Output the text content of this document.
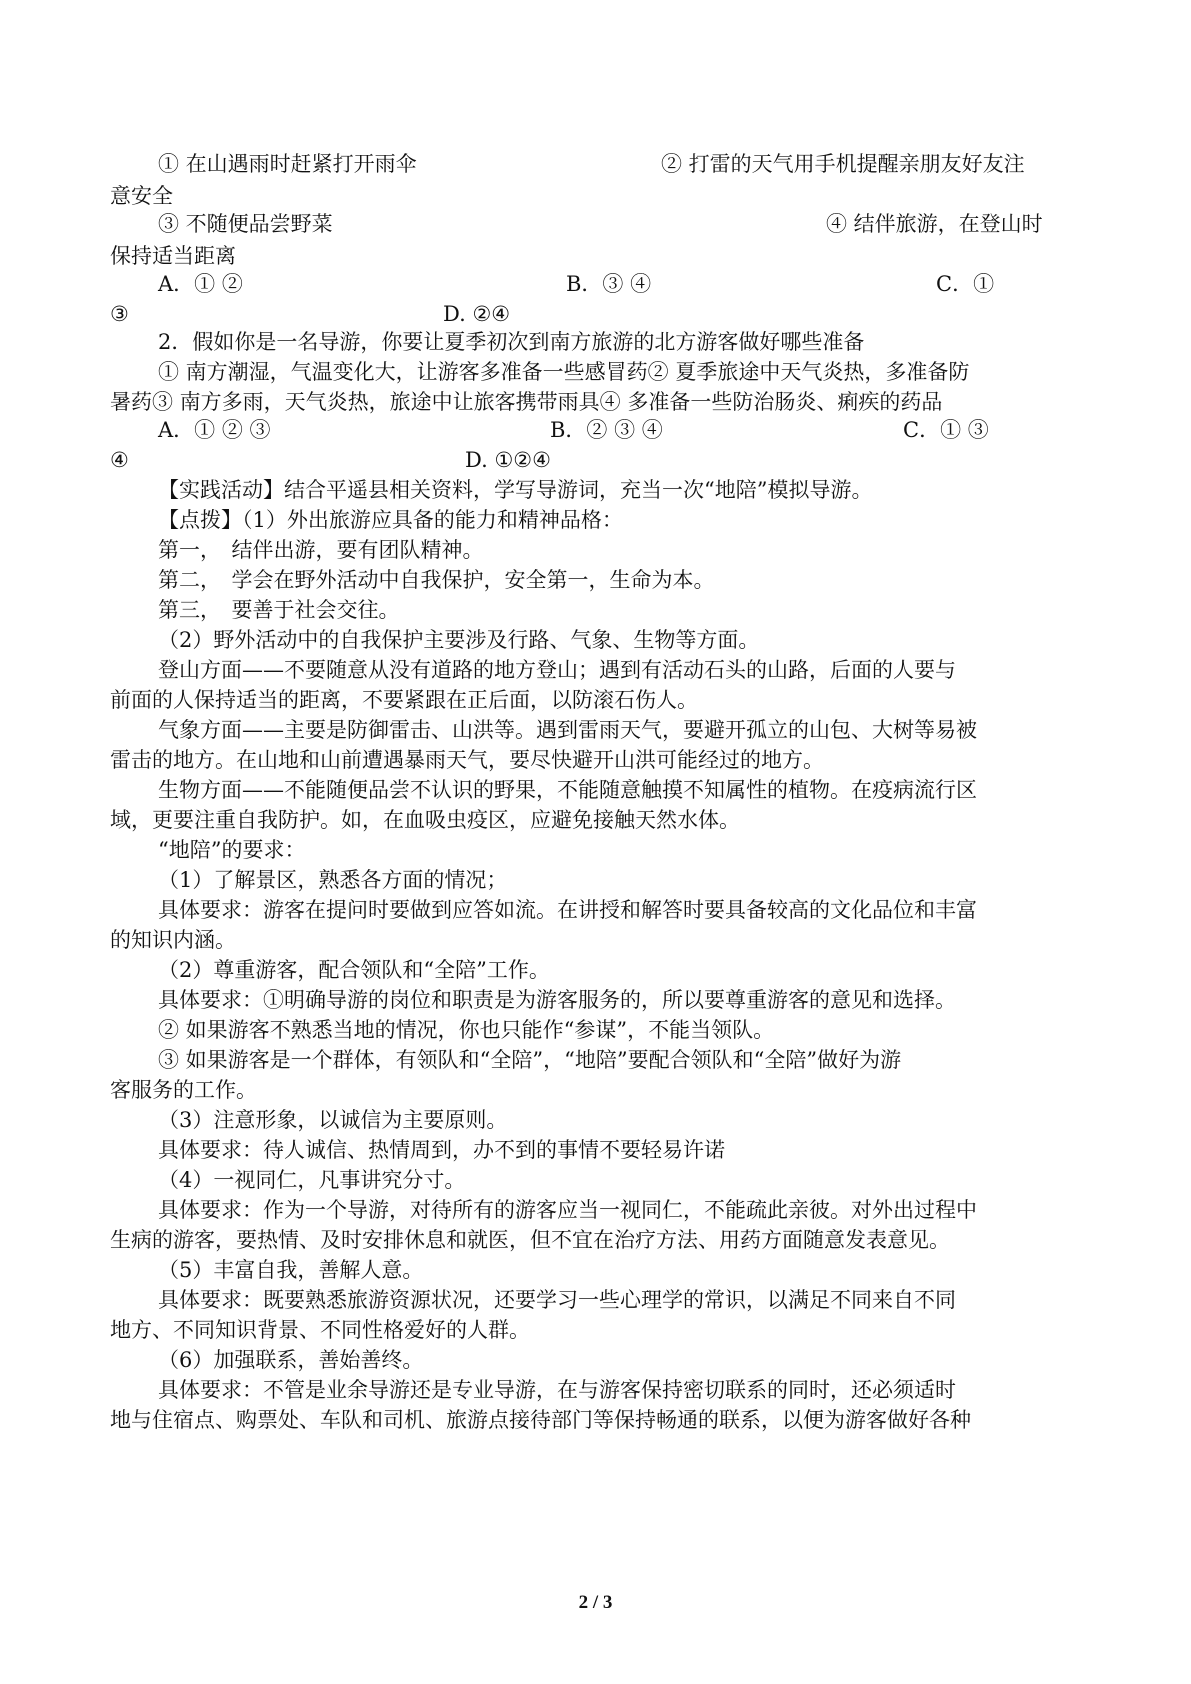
① 在山遇雨时赶紧打开雨伞	② 打雷的天气用手机提醒亲朋友好友注
意安全
③ 不随便品尝野菜	④ 结伴旅游，在登山时
保持适当距离
A．① ②	B．③ ④	C．①
③	D. ②④
2．假如你是一名导游，你要让夏季初次到南方旅游的北方游客做好哪些准备
① 南方潮湿，气温变化大，让游客多准备一些感冒药② 夏季旅途中天气炎热，多准备防
暑药③ 南方多雨，天气炎热，旅途中让旅客携带雨具④ 多准备一些防治肠炎、痢疾的药品
A．① ② ③	B．② ③ ④	C．① ③
④	D. ①②④
【实践活动】结合平遥县相关资料，学写导游词，充当一次“地陪”模拟导游。
【点拨】（1）外出旅游应具备的能力和精神品格：
第一，　结伴出游，要有团队精神。
第二，　学会在野外活动中自我保护，安全第一，生命为本。
第三，　要善于社会交往。
（2）野外活动中的自我保护主要涉及行路、气象、生物等方面。
登山方面——不要随意从没有道路的地方登山；遇到有活动石头的山路，后面的人要与
前面的人保持适当的距离，不要紧跟在正后面，以防滚石伤人。
气象方面——主要是防御雷击、山洪等。遇到雷雨天气，要避开孤立的山包、大树等易被
雷击的地方。在山地和山前遭遇暴雨天气，要尽快避开山洪可能经过的地方。
生物方面——不能随便品尝不认识的野果，不能随意触摸不知属性的植物。在疫病流行区
域，更要注重自我防护。如，在血吸虫疫区，应避免接触天然水体。
“地陪”的要求：
（1）了解景区，熟悉各方面的情况；
具体要求：游客在提问时要做到应答如流。在讲授和解答时要具备较高的文化品位和丰富
的知识内涵。
（2）尊重游客，配合领队和“全陪”工作。
具体要求：①明确导游的岗位和职责是为游客服务的，所以要尊重游客的意见和选择。
② 如果游客不熟悉当地的情况，你也只能作“参谋”，不能当领队。
③ 如果游客是一个群体，有领队和“全陪”，“地陪”要配合领队和“全陪”做好为游
客服务的工作。
（3）注意形象，以诚信为主要原则。
具体要求：待人诚信、热情周到，办不到的事情不要轻易许诺
（4）一视同仁，凡事讲究分寸。
具体要求：作为一个导游，对待所有的游客应当一视同仁，不能疏此亲彼。对外出过程中
生病的游客，要热情、及时安排休息和就医，但不宜在治疗方法、用药方面随意发表意见。
（5）丰富自我，善解人意。
具体要求：既要熟悉旅游资源状况，还要学习一些心理学的常识，以满足不同来自不同
地方、不同知识背景、不同性格爱好的人群。
（6）加强联系，善始善终。
具体要求：不管是业余导游还是专业导游，在与游客保持密切联系的同时，还必须适时
地与住宿点、购票处、车队和司机、旅游点接待部门等保持畅通的联系，以便为游客做好各种
2 / 3
